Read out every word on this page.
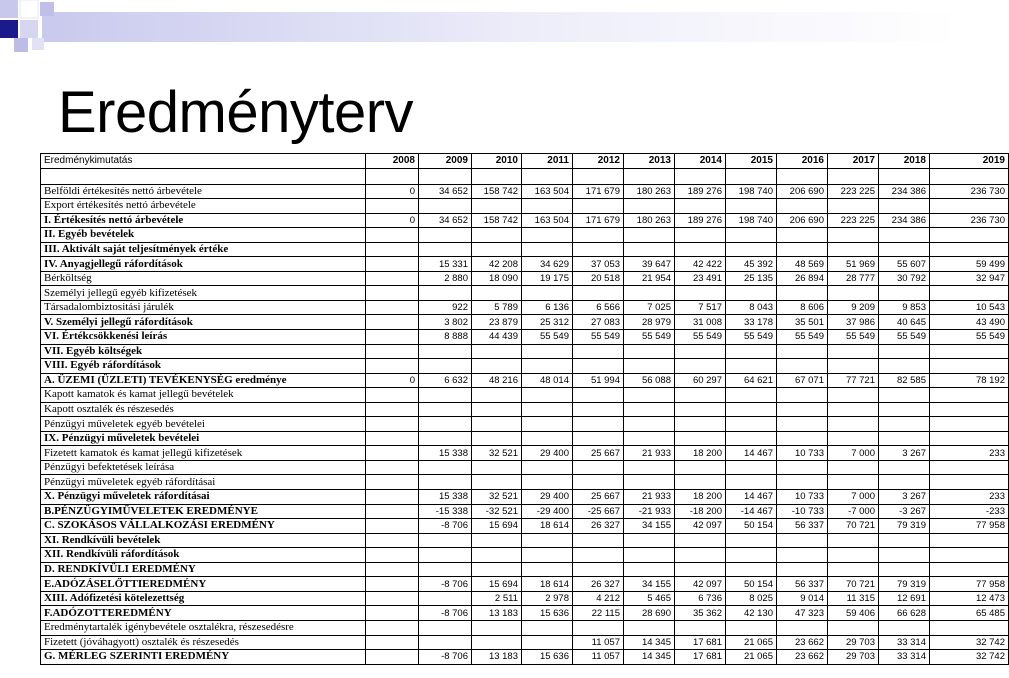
Eredményterv
Eredménykimutatás	2008	2009	2010	2011	2012	2013	2014	2015	2016	2017	2018	2019

Belföldi értékesítés nettó árbevétele	0	34 652	158 742	163 504	171 679	180 263	189 276	198 740	206 690	223 225	234 386	236 730
Export értékesítés nettó árbevétele												
I. Értékesítés nettó árbevétele	0	34 652	158 742	163 504	171 679	180 263	189 276	198 740	206 690	223 225	234 386	236 730
II. Egyéb bevételek												
III. Aktivált saját teljesítmények értéke												
IV. Anyagjellegű ráfordítások		15 331	42 208	34 629	37 053	39 647	42 422	45 392	48 569	51 969	55 607	59 499
Bérköltség		2 880	18 090	19 175	20 518	21 954	23 491	25 135	26 894	28 777	30 792	32 947
Személyi jellegű egyéb kifizetések												
Társadalombiztositási járulék		922	5 789	6 136	6 566	7 025	7 517	8 043	8 606	9 209	9 853	10 543
V. Személyi jellegű ráfordítások		3 802	23 879	25 312	27 083	28 979	31 008	33 178	35 501	37 986	40 645	43 490
VI. Értékcsökkenési leírás		8 888	44 439	55 549	55 549	55 549	55 549	55 549	55 549	55 549	55 549	55 549
VII. Egyéb költségek												
VIII. Egyéb ráfordítások												
A. ÜZEMI (ÜZLETI) TEVÉKENYSÉG eredménye	0	6 632	48 216	48 014	51 994	56 088	60 297	64 621	67 071	77 721	82 585	78 192
Kapott kamatok és kamat jellegű bevételek												
Kapott osztalék és részesedés												
Pénzügyi műveletek egyéb bevételei												
IX. Pénzügyi műveletek bevételei												
Fizetett kamatok és kamat jellegű kifizetések		15 338	32 521	29 400	25 667	21 933	18 200	14 467	10 733	7 000	3 267	233
Pénzügyi befektetések leírása												
Pénzügyi műveletek egyéb ráfordításai												
X. Pénzügyi műveletek ráfordításai		15 338	32 521	29 400	25 667	21 933	18 200	14 467	10 733	7 000	3 267	233
B.PÉNZÜGYIMŰVELETEK EREDMÉNYE		-15 338	-32 521	-29 400	-25 667	-21 933	-18 200	-14 467	-10 733	-7 000	-3 267	-233
C. SZOKÁSOS VÁLLALKOZÁSI EREDMÉNY		-8 706	15 694	18 614	26 327	34 155	42 097	50 154	56 337	70 721	79 319	77 958
XI. Rendkívüli bevételek												
XII. Rendkívüli ráfordítások												
D. RENDKÍVÜLI EREDMÉNY												
E.ADÓZÁSELŐTTIEREDMÉNY		-8 706	15 694	18 614	26 327	34 155	42 097	50 154	56 337	70 721	79 319	77 958
XIII. Adófizetési kötelezettség			2 511	2 978	4 212	5 465	6 736	8 025	9 014	11 315	12 691	12 473
F.ADÓZOTTEREDMÉNY		-8 706	13 183	15 636	22 115	28 690	35 362	42 130	47 323	59 406	66 628	65 485
Eredménytartalék igénybevétele osztalékra, részesedésre												
Fizetett (jóváhagyott) osztalék és részesedés					11 057	14 345	17 681	21 065	23 662	29 703	33 314	32 742
G. MÉRLEG SZERINTI EREDMÉNY		-8 706	13 183	15 636	11 057	14 345	17 681	21 065	23 662	29 703	33 314	32 742
